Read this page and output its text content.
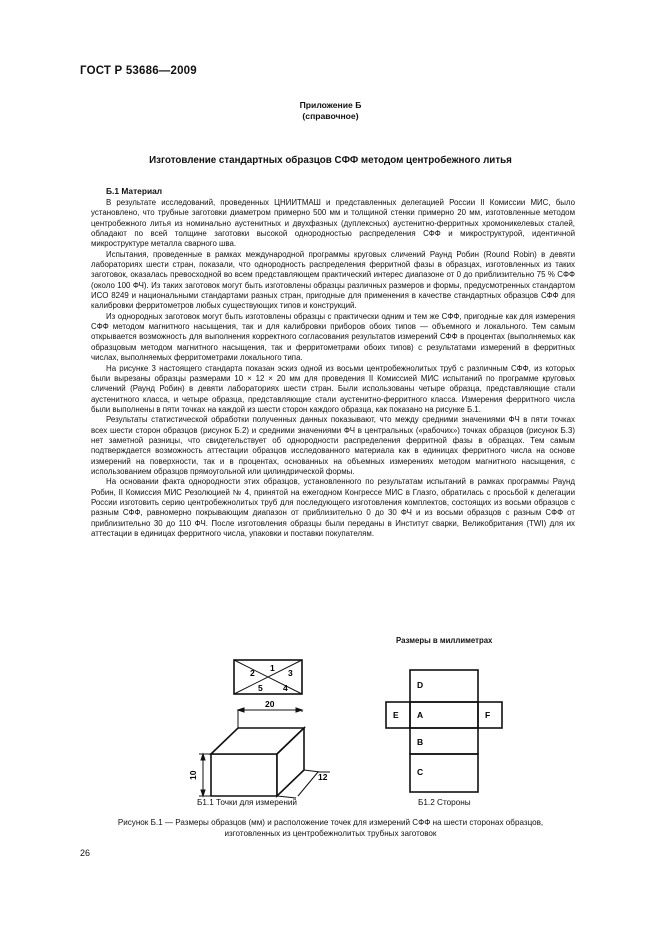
ГОСТ Р 53686—2009
Приложение Б
(справочное)
Изготовление стандартных образцов СФФ методом центробежного литья
Б.1 Материал

В результате исследований, проведенных ЦНИИТМАШ и представленных делегацией России II Комиссии МИС, было установлено, что трубные заготовки диаметром примерно 500 мм и толщиной стенки примерно 20 мм, изготовленные методом центробежного литья из номинально аустенитных и двухфазных (дуплексных) аустенитно-ферритных хромоникелевых сталей, обладают по всей толщине заготовки высокой однородностью распределения СФФ и микроструктурой, идентичной микроструктуре металла сварного шва.

Испытания, проведенные в рамках международной программы круговых сличений Раунд Робин (Round Robin) в девяти лабораториях шести стран, показали, что однородность распределения ферритной фазы в образцах, изготовленных из таких заготовок, оказалась превосходной во всем представляющем практический интерес диапазоне от 0 до приблизительно 75 % СФФ (около 100 ФЧ). Из таких заготовок могут быть изготовлены образцы различных размеров и формы, предусмотренных стандартом ИСО 8249 и национальными стандартами разных стран, пригодные для применения в качестве стандартных образцов СФФ для калибровки ферритометров любых существующих типов и конструкций.

Из однородных заготовок могут быть изготовлены образцы с практически одним и тем же СФФ, пригодные как для измерения СФФ методом магнитного насыщения, так и для калибровки приборов обоих типов — объемного и локального. Тем самым открывается возможность для выполнения корректного согласования результатов измерений СФФ в процентах (выполняемых как образцовым методом магнитного насыщения, так и ферритометрами обоих типов) с результатами измерений в ферритных числах, выполняемых ферритометрами локального типа.

На рисунке 3 настоящего стандарта показан эскиз одной из восьми центробежнолитых труб с различным СФФ, из которых были вырезаны образцы размерами 10 × 12 × 20 мм для проведения II Комиссией МИС испытаний по программе круговых сличений (Раунд Робин) в девяти лабораториях шести стран. Были использованы четыре образца, представляющие стали аустенитного класса, и четыре образца, представляющие стали аустенитно-ферритного класса. Измерения ферритного числа были выполнены в пяти точках на каждой из шести сторон каждого образца, как показано на рисунке Б.1.

Результаты статистической обработки полученных данных показывают, что между средними значениями ФЧ в пяти точках всех шести сторон образцов (рисунок Б.2) и средними значениями ФЧ в центральных («рабочих») точках образцов (рисунок Б.3) нет заметной разницы, что свидетельствует об однородности распределения ферритной фазы в образцах. Тем самым подтверждается возможность аттестации образцов исследованного материала как в единицах ферритного числа на основе измерений на поверхности, так и в процентах, основанных на объемных измерениях методом магнитного насыщения, с использованием образцов прямоугольной или цилиндрической формы.

На основании факта однородности этих образцов, установленного по результатам испытаний в рамках программы Раунд Робин, II Комиссия МИС Резолюцией № 4, принятой на ежегодном Конгрессе МИС в Глазго, обратилась с просьбой к делегации России изготовить серию центробежнолитых труб для последующего изготовления комплектов, состоящих из восьми образцов с разным СФФ, равномерно покрывающим диапазон от приблизительно 0 до 30 ФЧ и из восьми образцов с разным СФФ от приблизительно 30 до 110 ФЧ. После изготовления образцы были переданы в Институт сварки, Великобритания (TWI) для их аттестации в единицах ферритного числа, упаковки и поставки покупателям.

Размеры в миллиметрах
1
2	3
4
5
20
10	12
D
E A	F
B
C
Б1.1 Точки для измерений	Б1.2 Стороны
Рисунок Б.1 — Размеры образцов (мм) и расположение точек для измерений СФФ на шести сторонах образцов,
изготовленных из центробежнолитых трубных заготовок
26
